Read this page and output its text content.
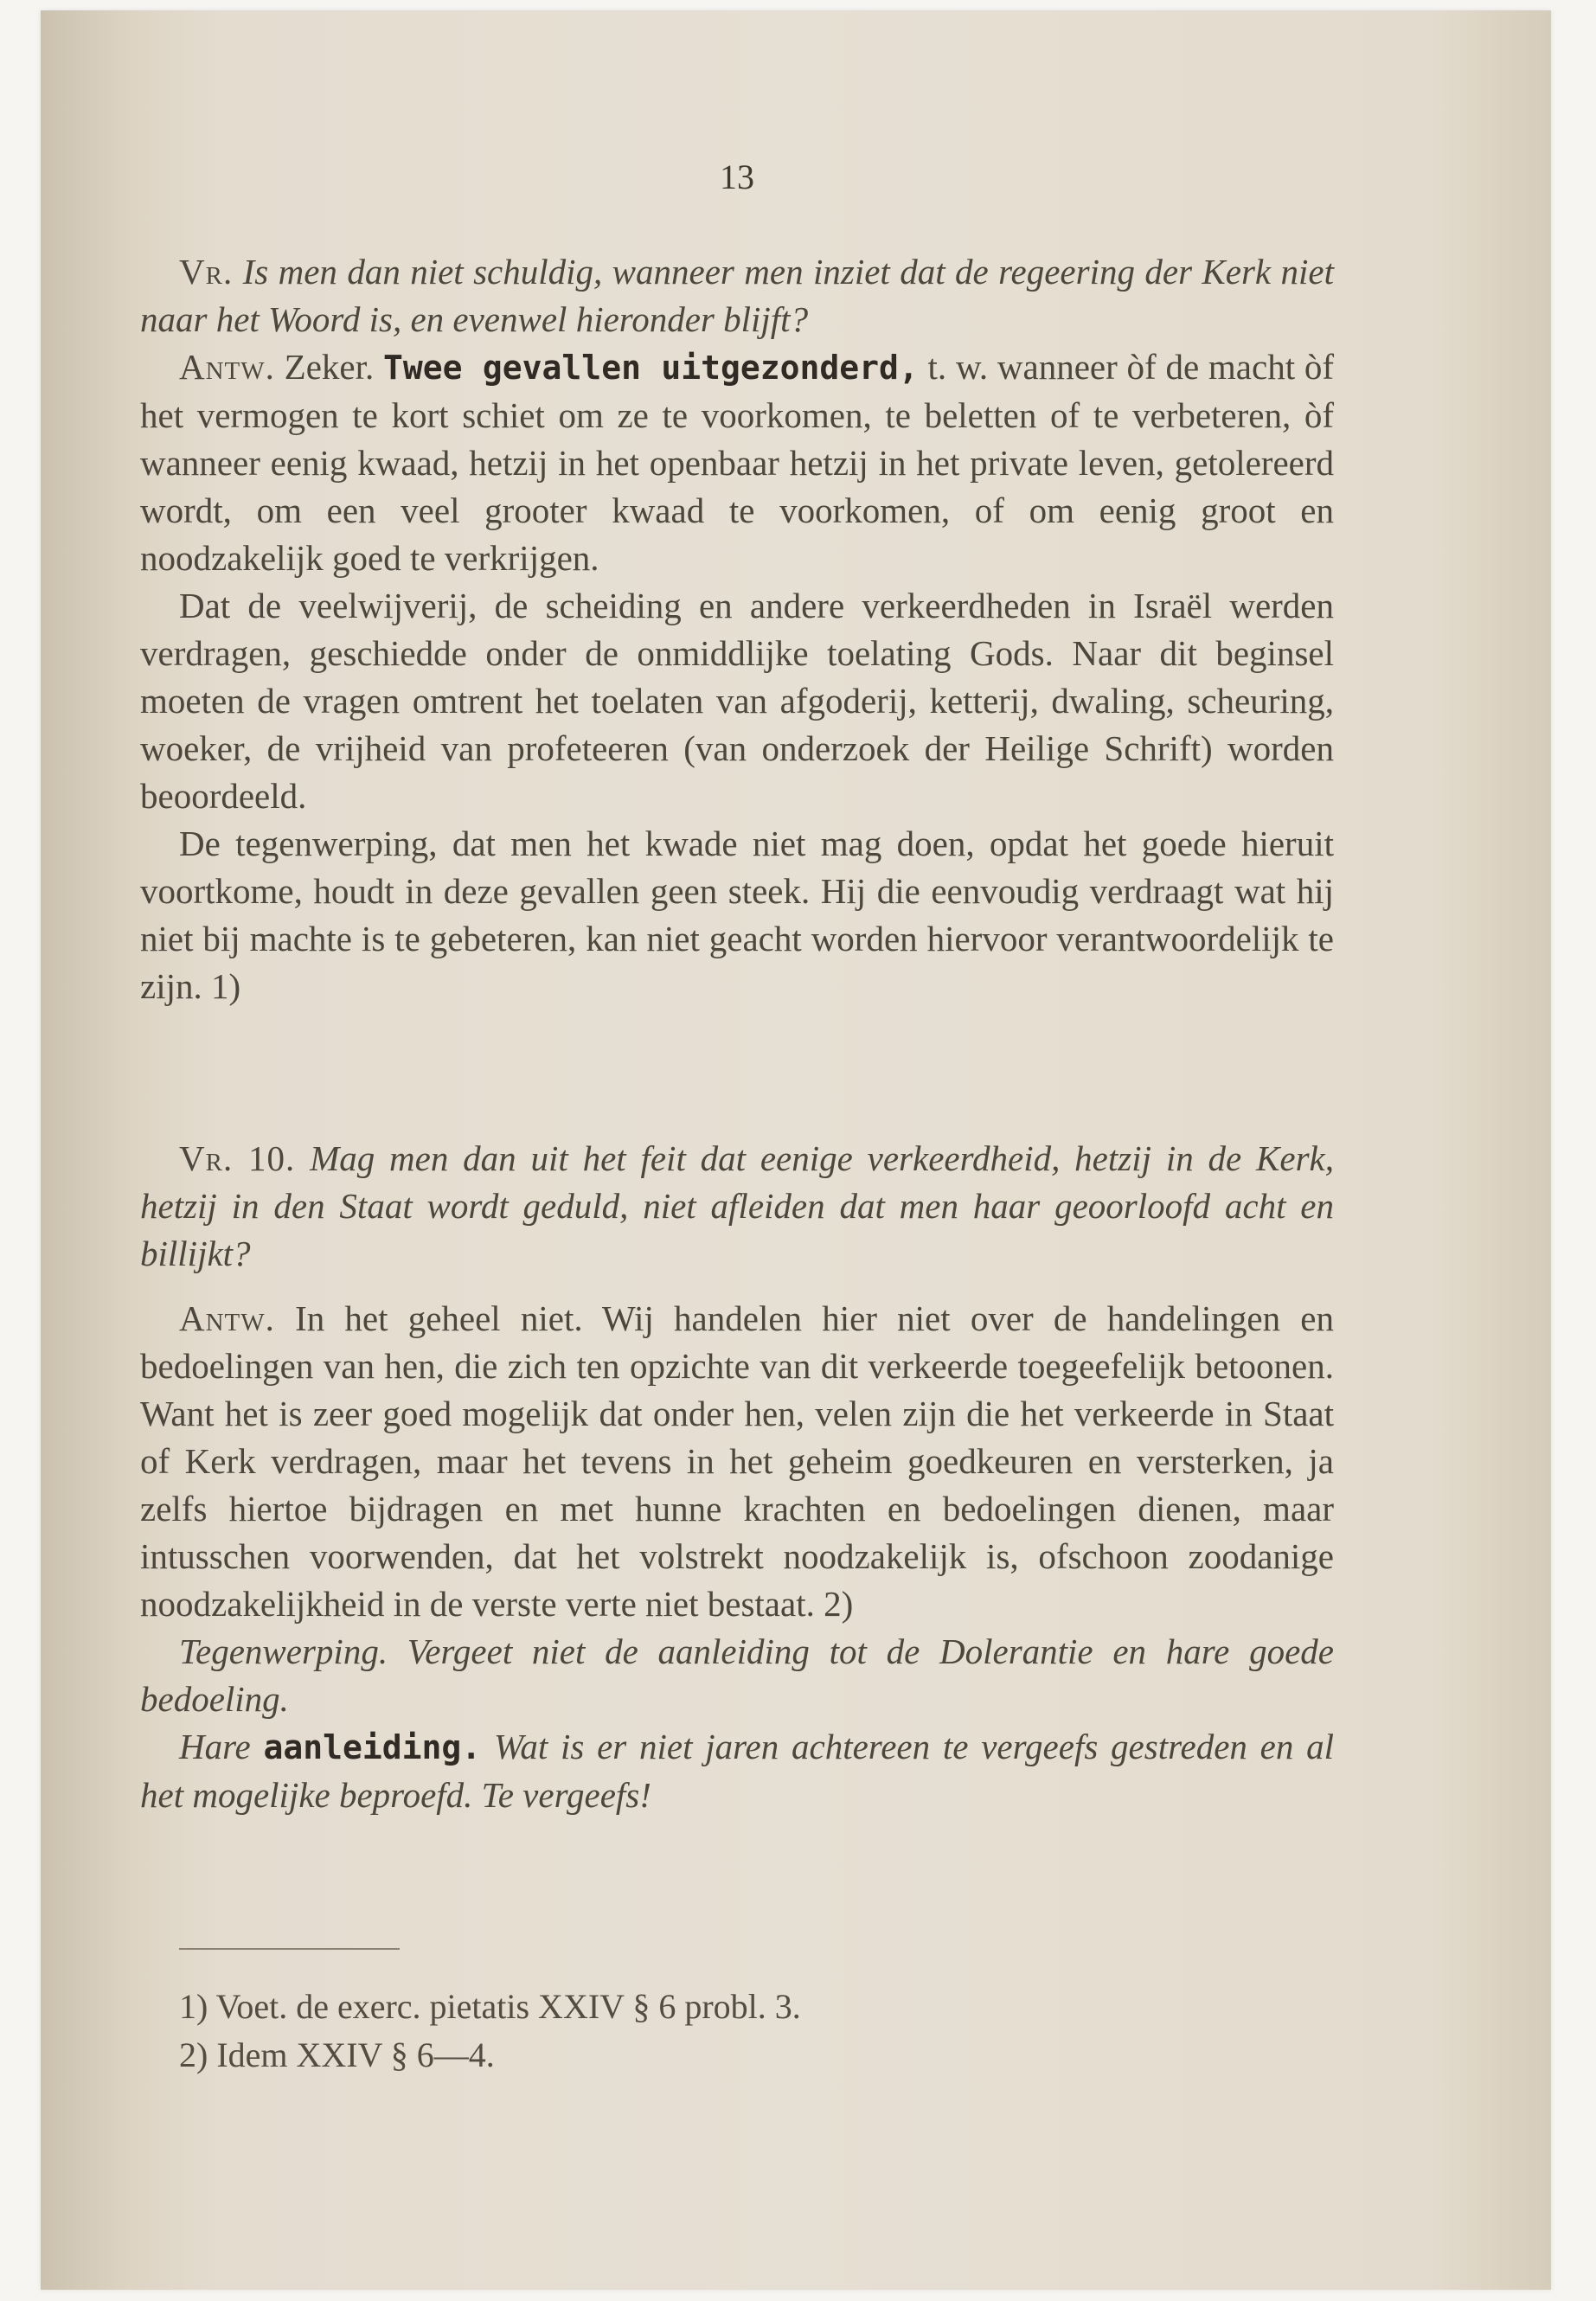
13

Vr. Is men dan niet schuldig, wanneer men inziet dat de regeering der Kerk niet naar het Woord is, en evenwel hieronder blijft?

Antw. Zeker. Twee gevallen uitgezonderd, t. w. wanneer òf de macht òf het vermogen te kort schiet om ze te voorkomen, te beletten of te verbeteren, òf wanneer eenig kwaad, hetzij in het openbaar hetzij in het private leven, getolereerd wordt, om een veel grooter kwaad te voorkomen, of om eenig groot en noodzakelijk goed te verkrijgen.

Dat de veelwijverij, de scheiding en andere verkeerdheden in Israël werden verdragen, geschiedde onder de onmiddlijke toelating Gods. Naar dit beginsel moeten de vragen omtrent het toelaten van afgoderij, ketterij, dwaling, scheuring, woeker, de vrijheid van profeteeren (van onderzoek der Heilige Schrift) worden beoordeeld.

De tegenwerping, dat men het kwade niet mag doen, opdat het goede hieruit voortkome, houdt in deze gevallen geen steek. Hij die eenvoudig verdraagt wat hij niet bij machte is te gebeteren, kan niet geacht worden hiervoor verantwoordelijk te zijn. 1)

Vr. 10. Mag men dan uit het feit dat eenige verkeerdheid, hetzij in de Kerk, hetzij in den Staat wordt geduld, niet afleiden dat men haar geoorloofd acht en billijkt?

Antw. In het geheel niet. Wij handelen hier niet over de handelingen en bedoelingen van hen, die zich ten opzichte van dit verkeerde toegeefelijk betoonen. Want het is zeer goed mogelijk dat onder hen, velen zijn die het verkeerde in Staat of Kerk verdragen, maar het tevens in het geheim goedkeuren en versterken, ja zelfs hiertoe bijdragen en met hunne krachten en bedoelingen dienen, maar intusschen voorwenden, dat het volstrekt noodzakelijk is, ofschoon zoodanige noodzakelijkheid in de verste verte niet bestaat. 2)

Tegenwerping. Vergeet niet de aanleiding tot de Dolerantie en hare goede bedoeling.

Hare aanleiding. Wat is er niet jaren achtereen te vergeefs gestreden en al het mogelijke beproefd. Te vergeefs!

1) Voet. de exerc. pietatis XXIV § 6 probl. 3.
2) Idem XXIV § 6—4.
